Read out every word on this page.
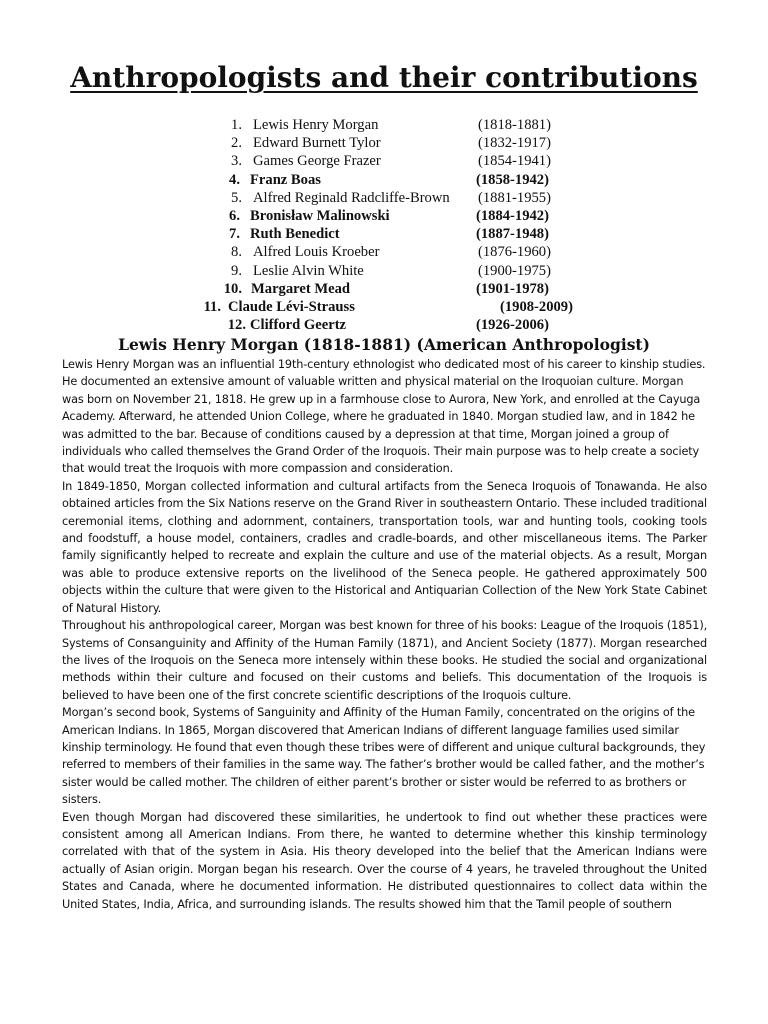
Anthropologists and their contributions
1. Lewis Henry Morgan	(1818-1881)
2. Edward Burnett Tylor	(1832-1917)
3. Games George Frazer	(1854-1941)
4. Franz Boas	(1858-1942)
5. Alfred Reginald Radcliffe-Brown (1881-1955)
6. Bronisław Malinowski	(1884-1942)
7. Ruth Benedict	(1887-1948)
8. Alfred Louis Kroeber	(1876-1960)
9. Leslie Alvin White	(1900-1975)
10. Margaret Mead	(1901-1978)
11. Claude Lévi-Strauss	(1908-2009)
12. Clifford Geertz	(1926-2006)
Lewis Henry Morgan (1818-1881) (American Anthropologist)

Lewis Henry Morgan was an influential 19th-century ethnologist who dedicated most of his career to kinship studies. He documented an extensive amount of valuable written and physical material on the Iroquoian culture. Morgan was born on November 21, 1818. He grew up in a farmhouse close to Aurora, New York, and enrolled at the Cayuga Academy. Afterward, he attended Union College, where he graduated in 1840. Morgan studied law, and in 1842 he was admitted to the bar. Because of conditions caused by a depression at that time, Morgan joined a group of individuals who called themselves the Grand Order of the Iroquois. Their main purpose was to help create a society that would treat the Iroquois with more compassion and consideration.

In 1849-1850, Morgan collected information and cultural artifacts from the Seneca Iroquois of Tonawanda. He also obtained articles from the Six Nations reserve on the Grand River in southeastern Ontario. These included traditional ceremonial items, clothing and adornment, containers, transportation tools, war and hunting tools, cooking tools and foodstuff, a house model, containers, cradles and cradle-boards, and other miscellaneous items. The Parker family significantly helped to recreate and explain the culture and use of the material objects. As a result, Morgan was able to produce extensive reports on the livelihood of the Seneca people. He gathered approximately 500 objects within the culture that were given to the Historical and Antiquarian Collection of the New York State Cabinet of Natural History.

Throughout his anthropological career, Morgan was best known for three of his books: League of the Iroquois (1851), Systems of Consanguinity and Affinity of the Human Family (1871), and Ancient Society (1877). Morgan researched the lives of the Iroquois on the Seneca more intensely within these books. He studied the social and organizational methods within their culture and focused on their customs and beliefs. This documentation of the Iroquois is believed to have been one of the first concrete scientific descriptions of the Iroquois culture.

Morgan’s second book, Systems of Sanguinity and Affinity of the Human Family, concentrated on the origins of the American Indians. In 1865, Morgan discovered that American Indians of different language families used similar kinship terminology. He found that even though these tribes were of different and unique cultural backgrounds, they referred to members of their families in the same way. The father’s brother would be called father, and the mother’s sister would be called mother. The children of either parent’s brother or sister would be referred to as brothers or sisters.

Even though Morgan had discovered these similarities, he undertook to find out whether these practices were consistent among all American Indians. From there, he wanted to determine whether this kinship terminology correlated with that of the system in Asia. His theory developed into the belief that the American Indians were actually of Asian origin. Morgan began his research. Over the course of 4 years, he traveled throughout the United States and Canada, where he documented information. He distributed questionnaires to collect data within the United States, India, Africa, and surrounding islands. The results showed him that the Tamil people of southern
